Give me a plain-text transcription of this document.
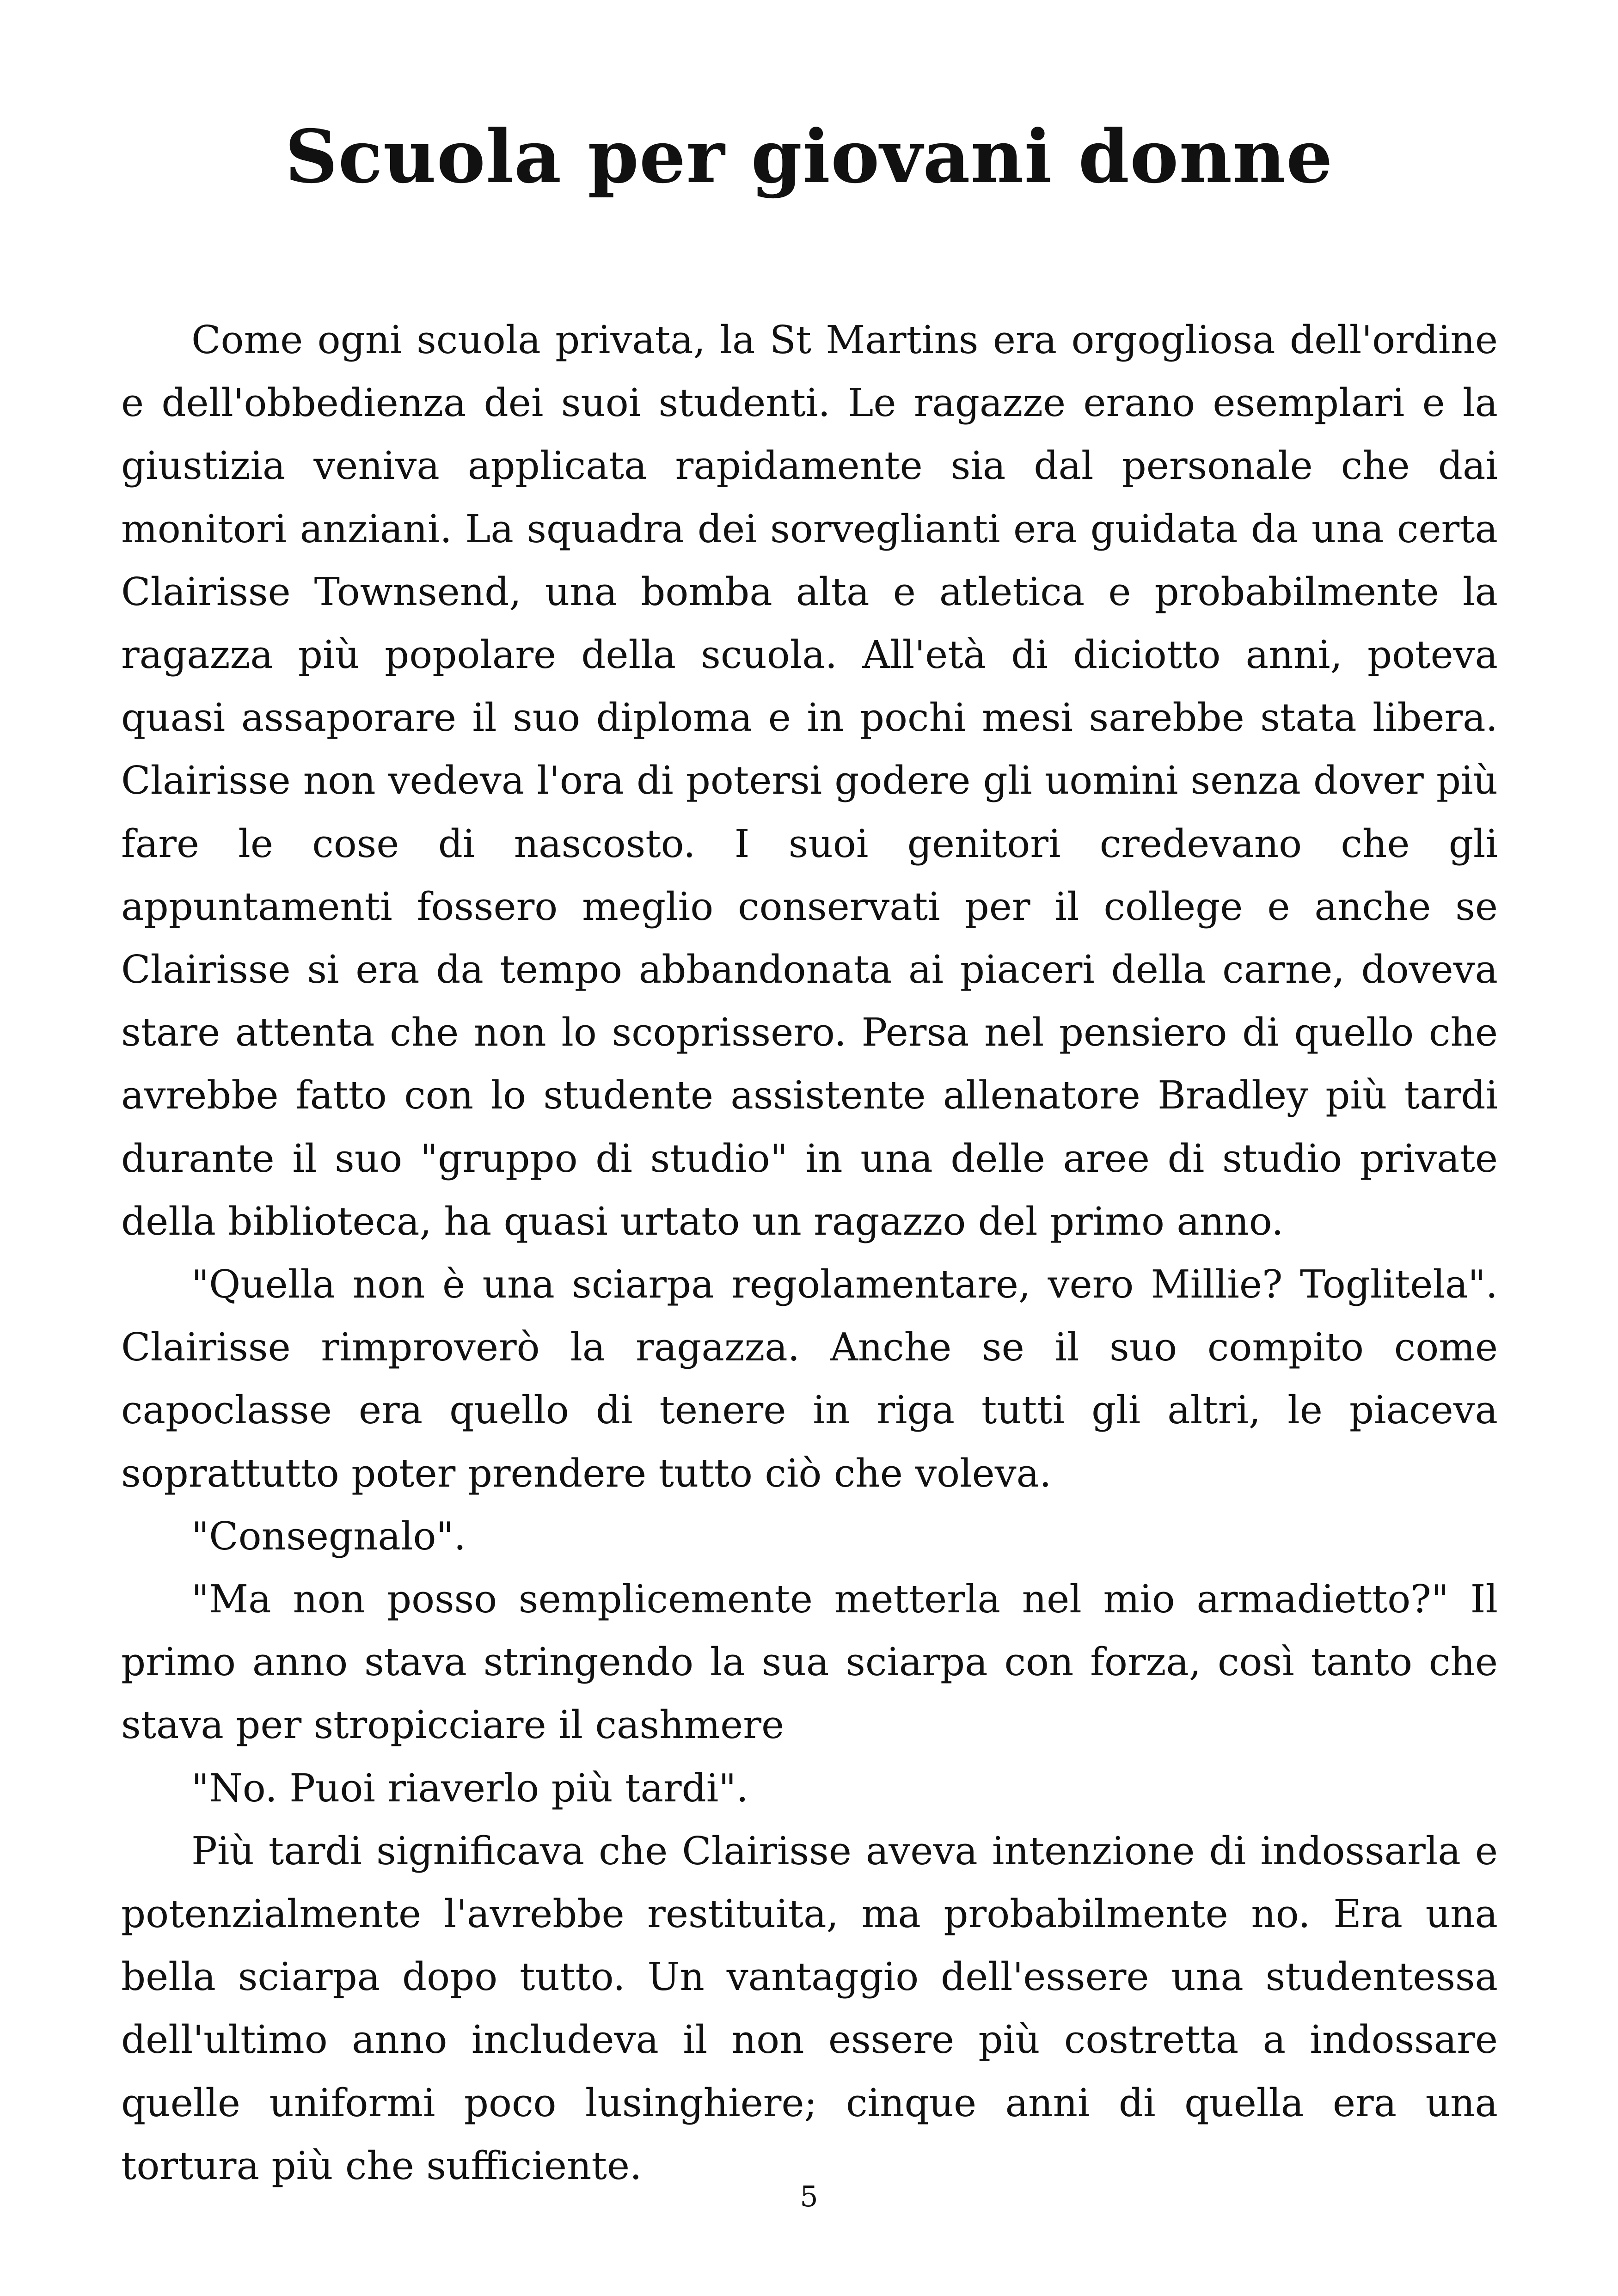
Scuola per giovani donne

Come ogni scuola privata, la St Martins era orgogliosa dell'ordine e dell'obbedienza dei suoi studenti. Le ragazze erano esemplari e la giustizia veniva applicata rapidamente sia dal personale che dai monitori anziani. La squadra dei sorveglianti era guidata da una certa Clairisse Townsend, una bomba alta e atletica e probabilmente la ragazza più popolare della scuola. All'età di diciotto anni, poteva quasi assaporare il suo diploma e in pochi mesi sarebbe stata libera. Clairisse non vedeva l'ora di potersi godere gli uomini senza dover più fare le cose di nascosto. I suoi genitori credevano che gli appuntamenti fossero meglio conservati per il college e anche se Clairisse si era da tempo abbandonata ai piaceri della carne, doveva stare attenta che non lo scoprissero. Persa nel pensiero di quello che avrebbe fatto con lo studente assistente allenatore Bradley più tardi durante il suo "gruppo di studio" in una delle aree di studio private della biblioteca, ha quasi urtato un ragazzo del primo anno.

"Quella non è una sciarpa regolamentare, vero Millie? Toglitela". Clairisse rimproverò la ragazza. Anche se il suo compito come capoclasse era quello di tenere in riga tutti gli altri, le piaceva soprattutto poter prendere tutto ciò che voleva.

"Consegnalo".

"Ma non posso semplicemente metterla nel mio armadietto?" Il primo anno stava stringendo la sua sciarpa con forza, così tanto che stava per stropicciare il cashmere

"No. Puoi riaverlo più tardi".

Più tardi significava che Clairisse aveva intenzione di indossarla e potenzialmente l'avrebbe restituita, ma probabilmente no. Era una bella sciarpa dopo tutto. Un vantaggio dell'essere una studentessa dell'ultimo anno includeva il non essere più costretta a indossare quelle uniformi poco lusinghiere; cinque anni di quella era una tortura più che sufficiente.

5
